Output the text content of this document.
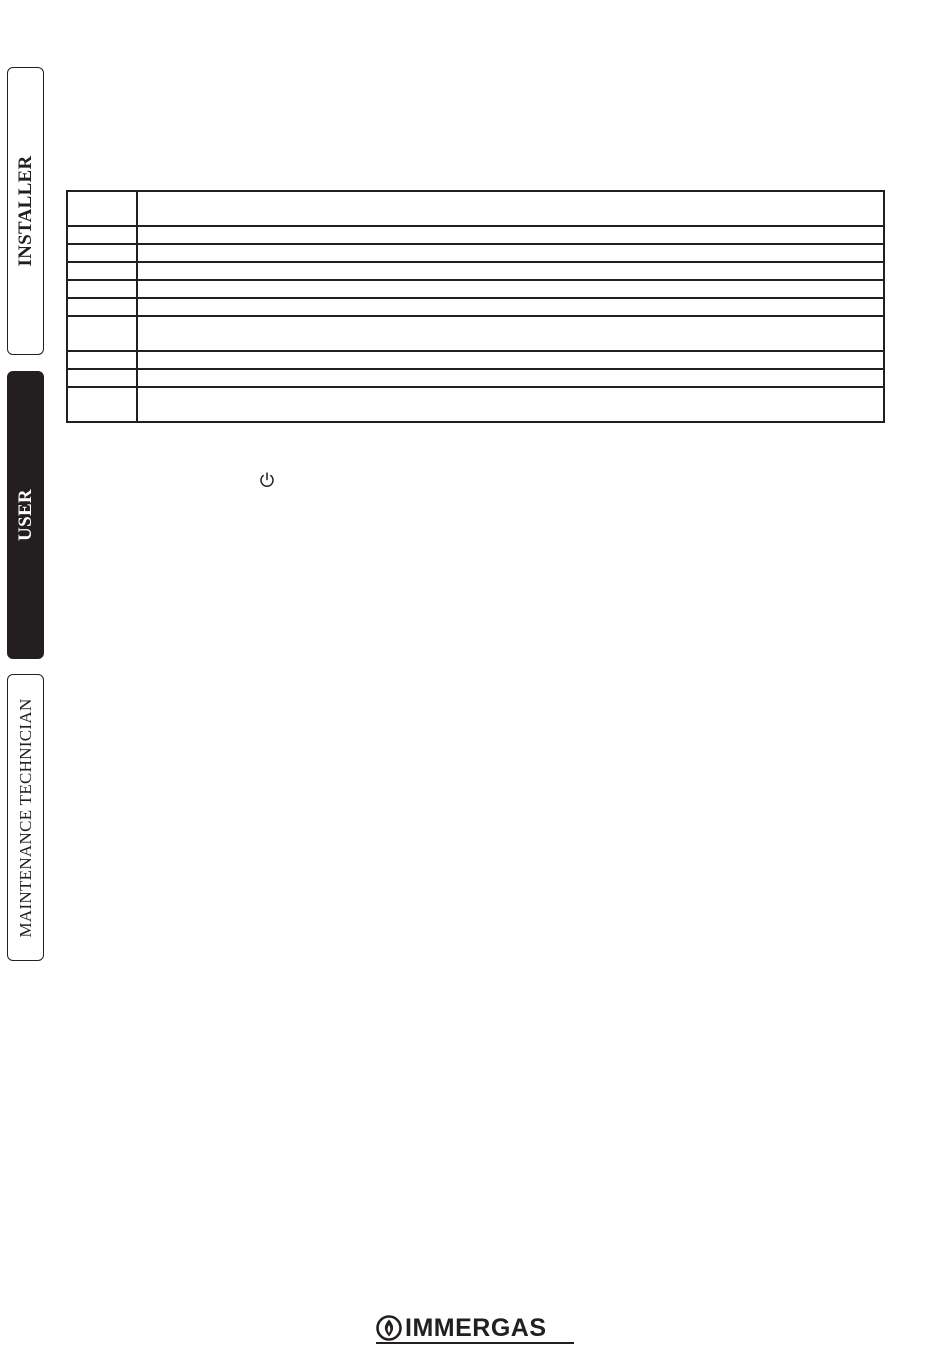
INSTALLER
USER
MAINTENANCE TECHNICIAN

IMMERGAS
